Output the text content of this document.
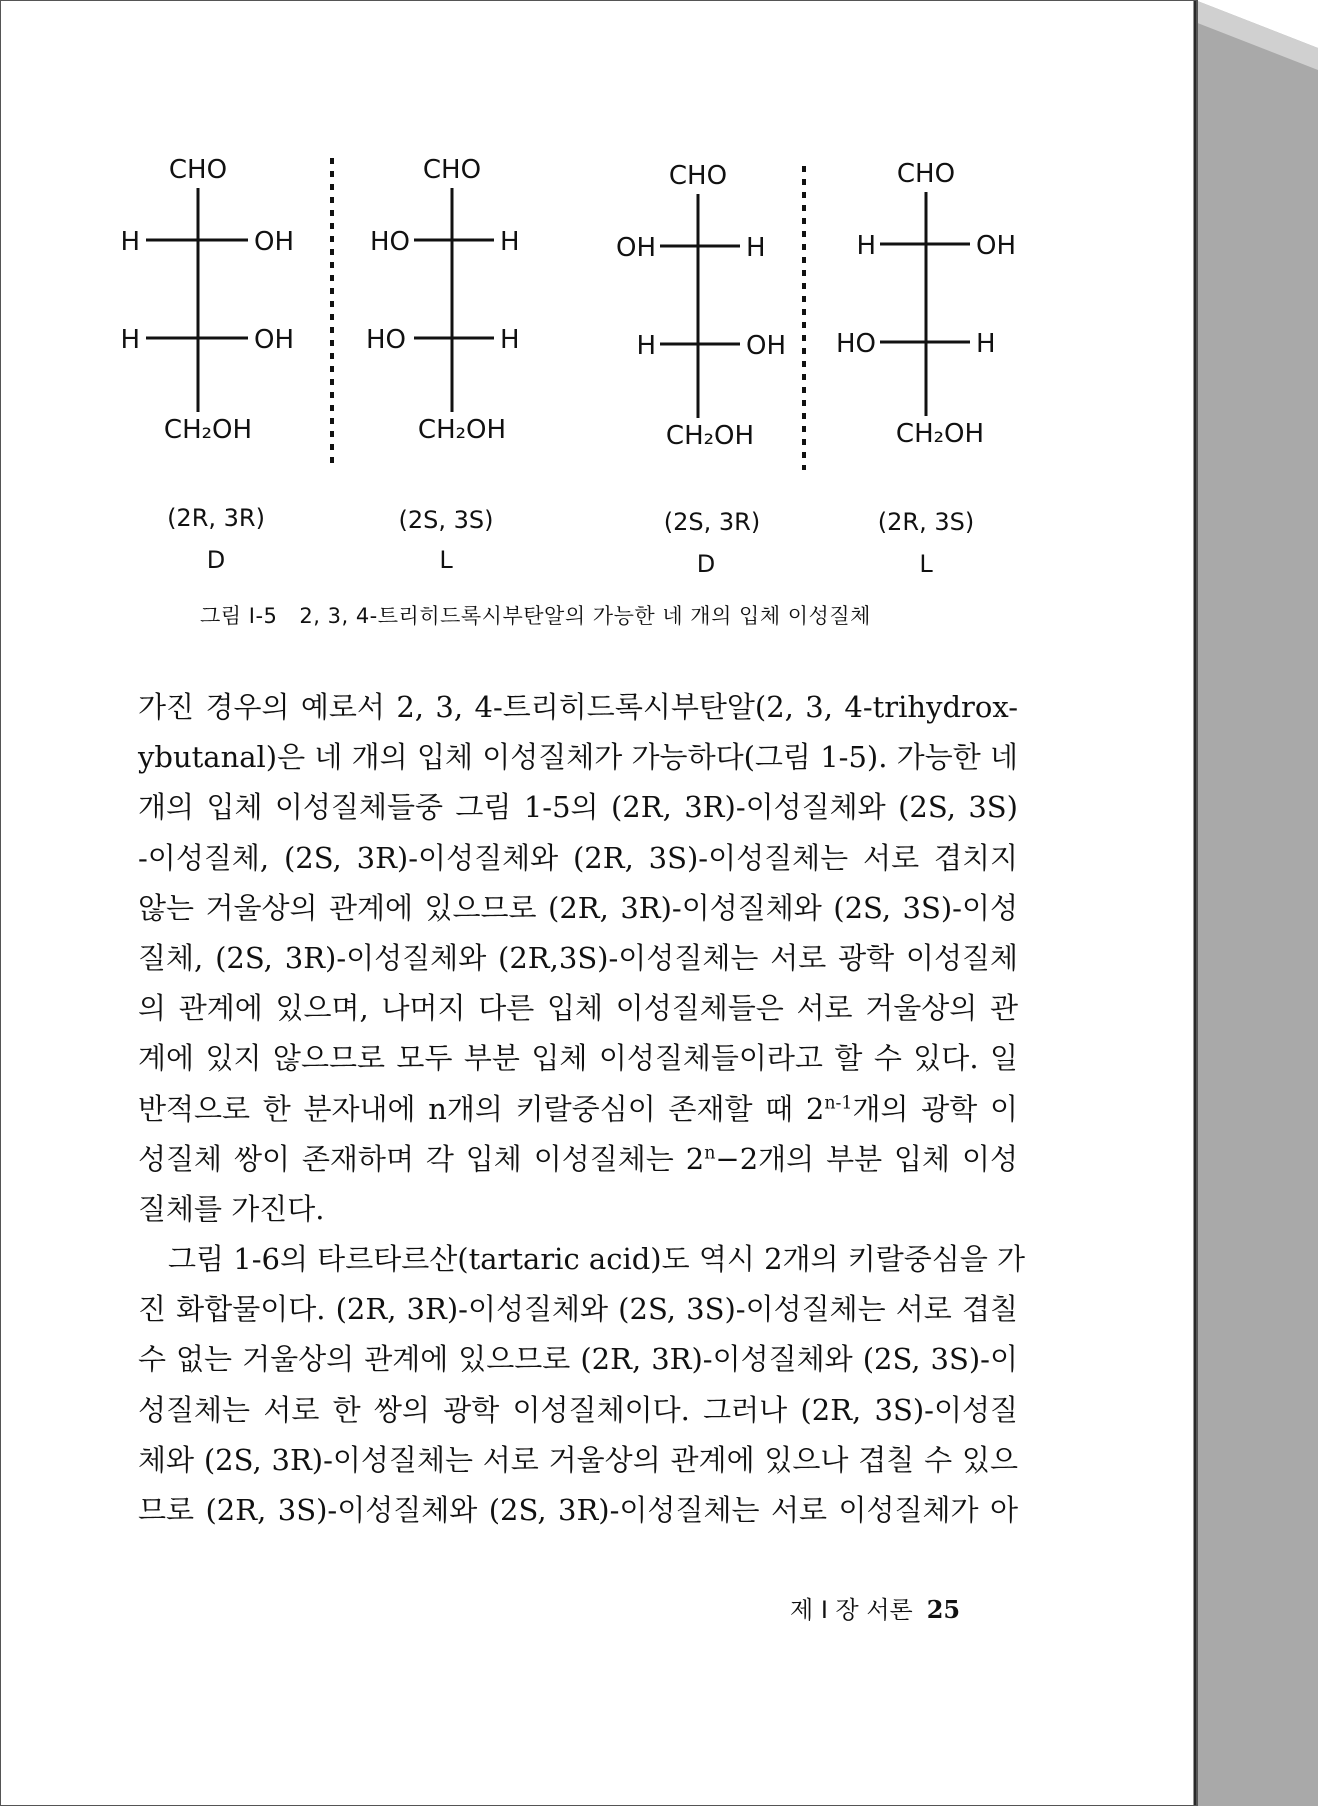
CHO
H	OH
H	OH
CH₂OH
(2R, 3R)
D
CHO
HO	H
HO	H
CH₂OH
(2S, 3S)
L
CHO
OH	H
H	OH
CH₂OH
(2S, 3R)
D
CHO
H	OH
HO	H
CH₂OH
(2R, 3S)
L
그림 I-5 2, 3, 4-트리히드록시부탄알의 가능한 네 개의 입체 이성질체
가진 경우의 예로서 2, 3, 4-트리히드록시부탄알(2, 3, 4-trihydrox-
ybutanal)은 네 개의 입체 이성질체가 가능하다(그림 1-5). 가능한 네
개의 입체 이성질체들중 그림 1-5의 (2R, 3R)-이성질체와 (2S, 3S)
-이성질체, (2S, 3R)-이성질체와 (2R, 3S)-이성질체는 서로 겹치지
않는 거울상의 관계에 있으므로 (2R, 3R)-이성질체와 (2S, 3S)-이성
질체, (2S, 3R)-이성질체와 (2R,3S)-이성질체는 서로 광학 이성질체
의 관계에 있으며, 나머지 다른 입체 이성질체들은 서로 거울상의 관
계에 있지 않으므로 모두 부분 입체 이성질체들이라고 할 수 있다. 일
반적으로 한 분자내에 n개의 키랄중심이 존재할 때 2$^{n-1}$개의 광학 이
성질체 쌍이 존재하며 각 입체 이성질체는 $2^n-2$개의 부분 입체 이성
질체를 가진다.
그림 1-6의 타르타르산(tartaric acid)도 역시 2개의 키랄중심을 가
진 화합물이다. (2R, 3R)-이성질체와 (2S, 3S)-이성질체는 서로 겹칠
수 없는 거울상의 관계에 있으므로 (2R, 3R)-이성질체와 (2S, 3S)-이
성질체는 서로 한 쌍의 광학 이성질체이다. 그러나 (2R, 3S)-이성질
체와 (2S, 3R)-이성질체는 서로 거울상의 관계에 있으나 겹칠 수 있으
므로 (2R, 3S)-이성질체와 (2S, 3R)-이성질체는 서로 이성질체가 아
제 I 장 서론 25
